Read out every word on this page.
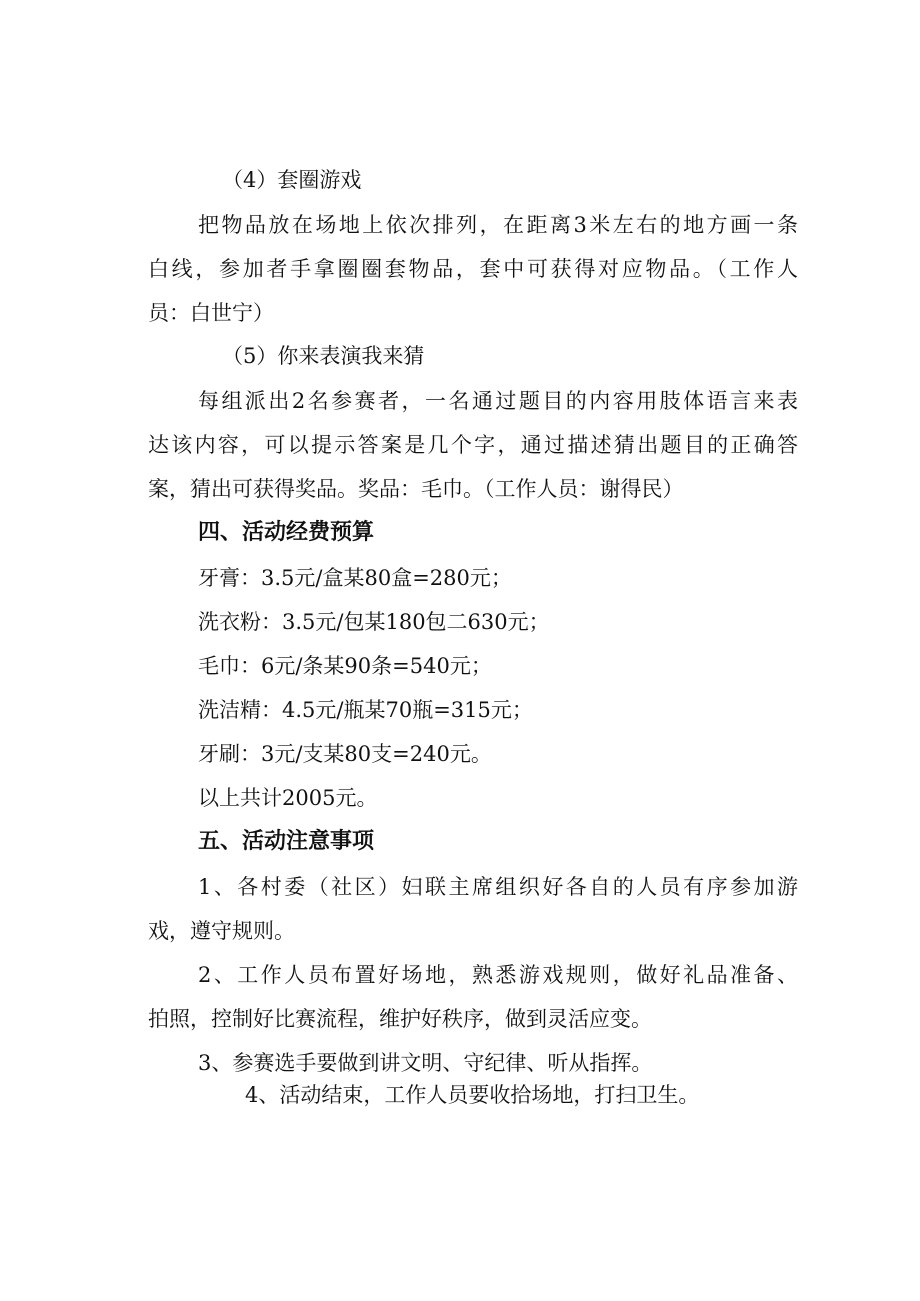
（4）套圈游戏
把物品放在场地上依次排列，在距离3米左右的地方画一条
白线，参加者手拿圈圈套物品，套中可获得对应物品。（工作人
员：白世宁）
（5）你来表演我来猜
每组派出2名参赛者，一名通过题目的内容用肢体语言来表
达该内容，可以提示答案是几个字，通过描述猜出题目的正确答
案，猜出可获得奖品。奖品：毛巾。（工作人员：谢得民）
四、活动经费预算
牙膏：3.5元/盒某80盒=280元；
洗衣粉：3.5元/包某180包二630元；
毛巾：6元/条某90条=540元；
洗洁精：4.5元/瓶某70瓶=315元；
牙刷：3元/支某80支=240元。
以上共计2005元。
五、活动注意事项
1、各村委（社区）妇联主席组织好各自的人员有序参加游
戏，遵守规则。
2、工作人员布置好场地，熟悉游戏规则，做好礼品准备、
拍照，控制好比赛流程，维护好秩序，做到灵活应变。
3、参赛选手要做到讲文明、守纪律、听从指挥。
4、活动结束，工作人员要收拾场地，打扫卫生。
